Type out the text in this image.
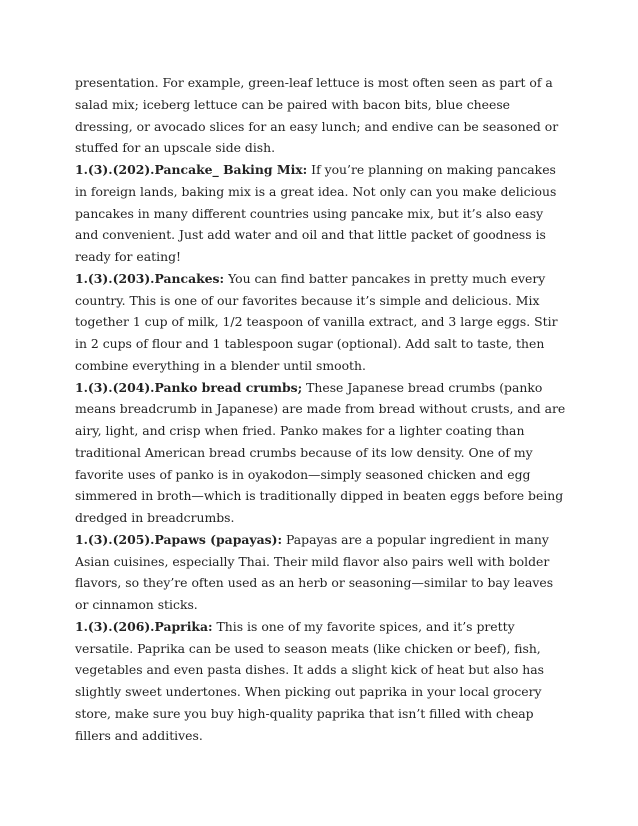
presentation. For example, green-leaf lettuce is most often seen as part of a salad mix; iceberg lettuce can be paired with bacon bits, blue cheese dressing, or avocado slices for an easy lunch; and endive can be seasoned or stuffed for an upscale side dish.

1.(3).(202).Pancake_ Baking Mix: If you’re planning on making pancakes in foreign lands, baking mix is a great idea. Not only can you make delicious pancakes in many different countries using pancake mix, but it’s also easy and convenient. Just add water and oil and that little packet of goodness is ready for eating!

1.(3).(203).Pancakes: You can find batter pancakes in pretty much every country. This is one of our favorites because it’s simple and delicious. Mix together 1 cup of milk, 1/2 teaspoon of vanilla extract, and 3 large eggs. Stir in 2 cups of flour and 1 tablespoon sugar (optional). Add salt to taste, then combine everything in a blender until smooth.

1.(3).(204).Panko bread crumbs; These Japanese bread crumbs (panko means breadcrumb in Japanese) are made from bread without crusts, and are airy, light, and crisp when fried. Panko makes for a lighter coating than traditional American bread crumbs because of its low density. One of my favorite uses of panko is in oyakodon—simply seasoned chicken and egg simmered in broth—which is traditionally dipped in beaten eggs before being dredged in breadcrumbs.

1.(3).(205).Papaws (papayas): Papayas are a popular ingredient in many Asian cuisines, especially Thai. Their mild flavor also pairs well with bolder flavors, so they’re often used as an herb or seasoning—similar to bay leaves or cinnamon sticks.

1.(3).(206).Paprika: This is one of my favorite spices, and it’s pretty versatile. Paprika can be used to season meats (like chicken or beef), fish, vegetables and even pasta dishes. It adds a slight kick of heat but also has slightly sweet undertones. When picking out paprika in your local grocery store, make sure you buy high-quality paprika that isn’t filled with cheap fillers and additives.
